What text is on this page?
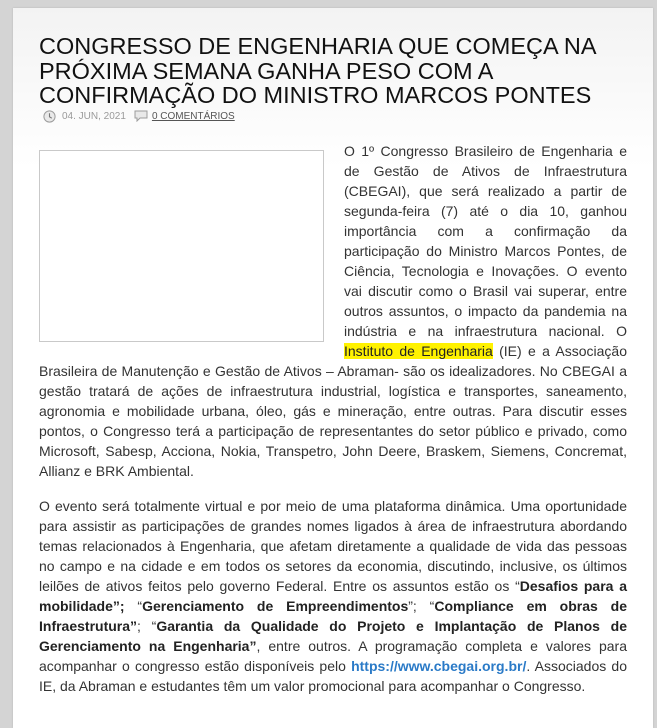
CONGRESSO DE ENGENHARIA QUE COMEÇA NA PRÓXIMA SEMANA GANHA PESO COM A CONFIRMAÇÃO DO MINISTRO MARCOS PONTES
04. JUN, 2021	0 COMENTÁRIOS

O 1º Congresso Brasileiro de Engenharia e de Gestão de Ativos de Infraestrutura (CBEGAI), que será realizado a partir de segunda-feira (7) até o dia 10, ganhou importância com a confirmação da participação do Ministro Marcos Pontes, de Ciência, Tecnologia e Inovações. O evento vai discutir como o Brasil vai superar, entre outros assuntos, o impacto da pandemia na indústria e na infraestrutura nacional. O Instituto de Engenharia (IE) e a Associação Brasileira de Manutenção e Gestão de Ativos – Abraman- são os idealizadores. No CBEGAI a gestão tratará de ações de infraestrutura industrial, logística e transportes, saneamento, agronomia e mobilidade urbana, óleo, gás e mineração, entre outras. Para discutir esses pontos, o Congresso terá a participação de representantes do setor público e privado, como Microsoft, Sabesp, Acciona, Nokia, Transpetro, John Deere, Braskem, Siemens, Concremat, Allianz e BRK Ambiental.

O evento será totalmente virtual e por meio de uma plataforma dinâmica. Uma oportunidade para assistir as participações de grandes nomes ligados à área de infraestrutura abordando temas relacionados à Engenharia, que afetam diretamente a qualidade de vida das pessoas no campo e na cidade e em todos os setores da economia, discutindo, inclusive, os últimos leilões de ativos feitos pelo governo Federal. Entre os assuntos estão os “Desafios para a mobilidade”; “Gerenciamento de Empreendimentos”; “Compliance em obras de Infraestrutura”; “Garantia da Qualidade do Projeto e Implantação de Planos de Gerenciamento na Engenharia”, entre outros. A programação completa e valores para acompanhar o congresso estão disponíveis pelo https://www.cbegai.org.br/. Associados do IE, da Abraman e estudantes têm um valor promocional para acompanhar o Congresso.
